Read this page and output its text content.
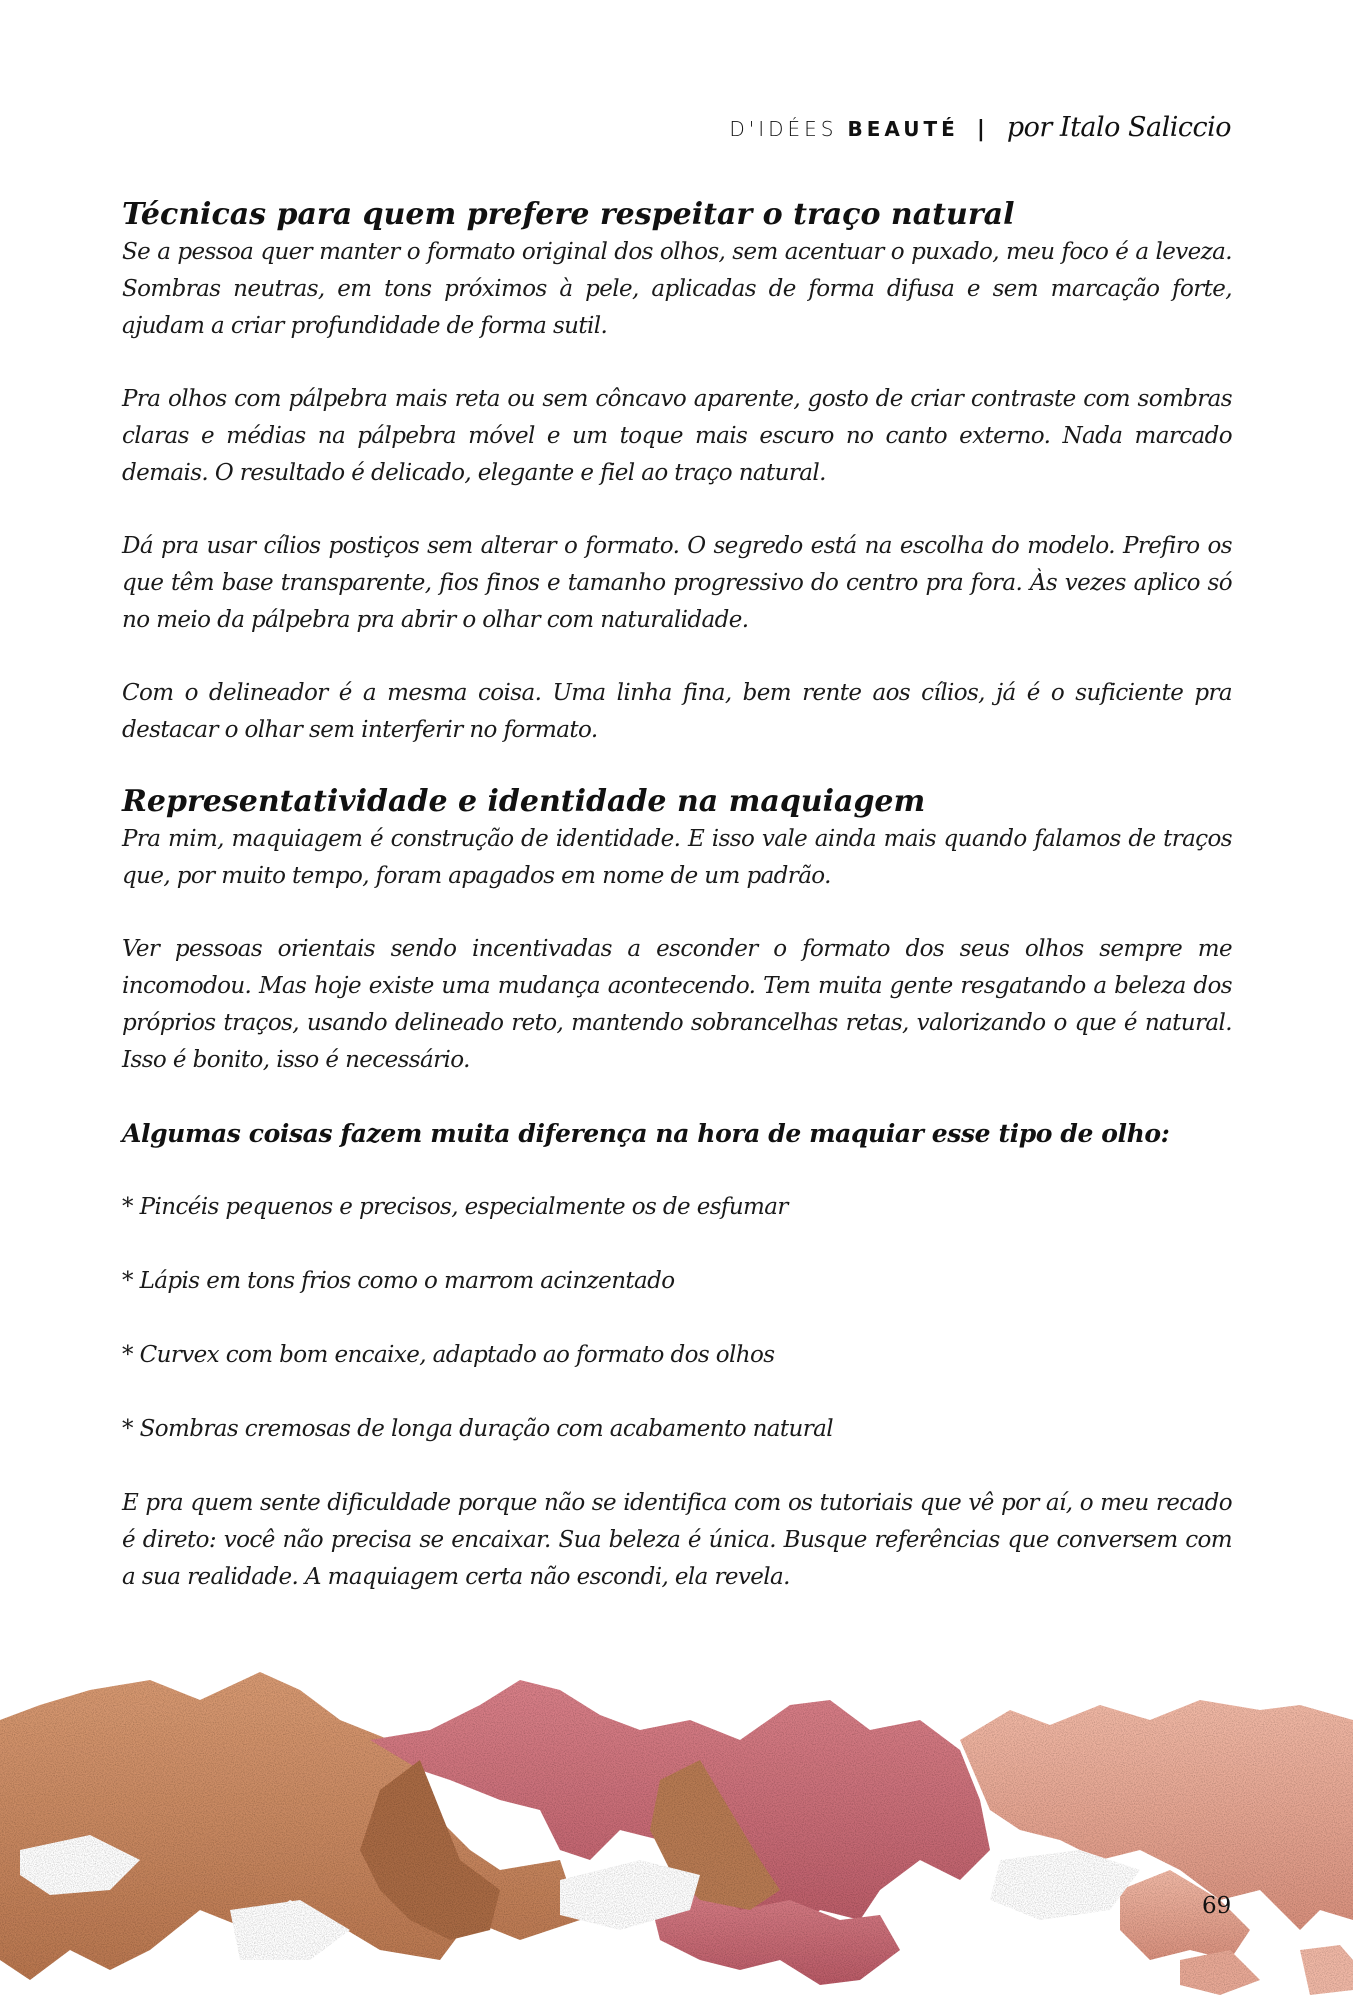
D'IDÉES BEAUTÉ | por Italo Saliccio
Técnicas para quem prefere respeitar o traço natural

Se a pessoa quer manter o formato original dos olhos, sem acentuar o puxado, meu foco é a leveza. Sombras neutras, em tons próximos à pele, aplicadas de forma difusa e sem marcação forte, ajudam a criar profundidade de forma sutil.

Pra olhos com pálpebra mais reta ou sem côncavo aparente, gosto de criar contraste com sombras claras e médias na pálpebra móvel e um toque mais escuro no canto externo. Nada marcado demais. O resultado é delicado, elegante e fiel ao traço natural.

Dá pra usar cílios postiços sem alterar o formato. O segredo está na escolha do modelo. Prefiro os que têm base transparente, fios finos e tamanho progressivo do centro pra fora. Às vezes aplico só no meio da pálpebra pra abrir o olhar com naturalidade.

Com o delineador é a mesma coisa. Uma linha fina, bem rente aos cílios, já é o suficiente pra destacar o olhar sem interferir no formato.

Representatividade e identidade na maquiagem

Pra mim, maquiagem é construção de identidade. E isso vale ainda mais quando falamos de traços que, por muito tempo, foram apagados em nome de um padrão.

Ver pessoas orientais sendo incentivadas a esconder o formato dos seus olhos sempre me incomodou. Mas hoje existe uma mudança acontecendo. Tem muita gente resgatando a beleza dos próprios traços, usando delineado reto, mantendo sobrancelhas retas, valorizando o que é natural. Isso é bonito, isso é necessário.

Algumas coisas fazem muita diferença na hora de maquiar esse tipo de olho:

* Pincéis pequenos e precisos, especialmente os de esfumar

* Lápis em tons frios como o marrom acinzentado

* Curvex com bom encaixe, adaptado ao formato dos olhos

* Sombras cremosas de longa duração com acabamento natural

E pra quem sente dificuldade porque não se identifica com os tutoriais que vê por aí, o meu recado é direto: você não precisa se encaixar. Sua beleza é única. Busque referências que conversem com a sua realidade. A maquiagem certa não escondi, ela revela.

69
